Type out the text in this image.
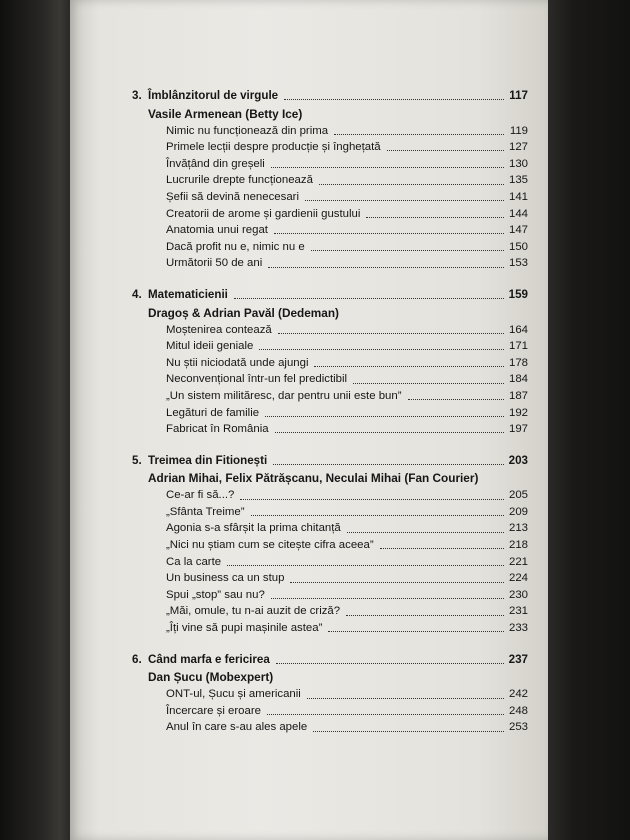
3. Îmblânzitorul de virgule	117
Vasile Armenean (Betty Ice)
Nimic nu funcționează din prima	119
Primele lecții despre producție și înghețată	127
Învățând din greșeli	130
Lucrurile drepte funcționează	135
Șefii să devină nenecesari	141
Creatorii de arome și gardienii gustului	144
Anatomia unui regat	147
Dacă profit nu e, nimic nu e	150
Următorii 50 de ani	153
4. Matematicienii	159
Dragoș & Adrian Pavăl (Dedeman)
Moștenirea contează	164
Mitul ideii geniale	171
Nu știi niciodată unde ajungi	178
Neconvențional într-un fel predictibil	184
„Un sistem milităresc, dar pentru unii este bun”	187
Legături de familie	192
Fabricat în România	197
5. Treimea din Fitionești	203
Adrian Mihai, Felix Pătrășcanu, Neculai Mihai (Fan Courier)
Ce-ar fi să...?	205
„Sfânta Treime”	209
Agonia s-a sfârșit la prima chitanță	213
„Nici nu știam cum se citește cifra aceea”	218
Ca la carte	221
Un business ca un stup	224
Spui „stop” sau nu?	230
„Măi, omule, tu n-ai auzit de criză?	231
„Îți vine să pupi mașinile astea”	233
6. Când marfa e fericirea	237
Dan Șucu (Mobexpert)
ONT-ul, Șucu și americanii	242
Încercare și eroare	248
Anul în care s-au ales apele	253
